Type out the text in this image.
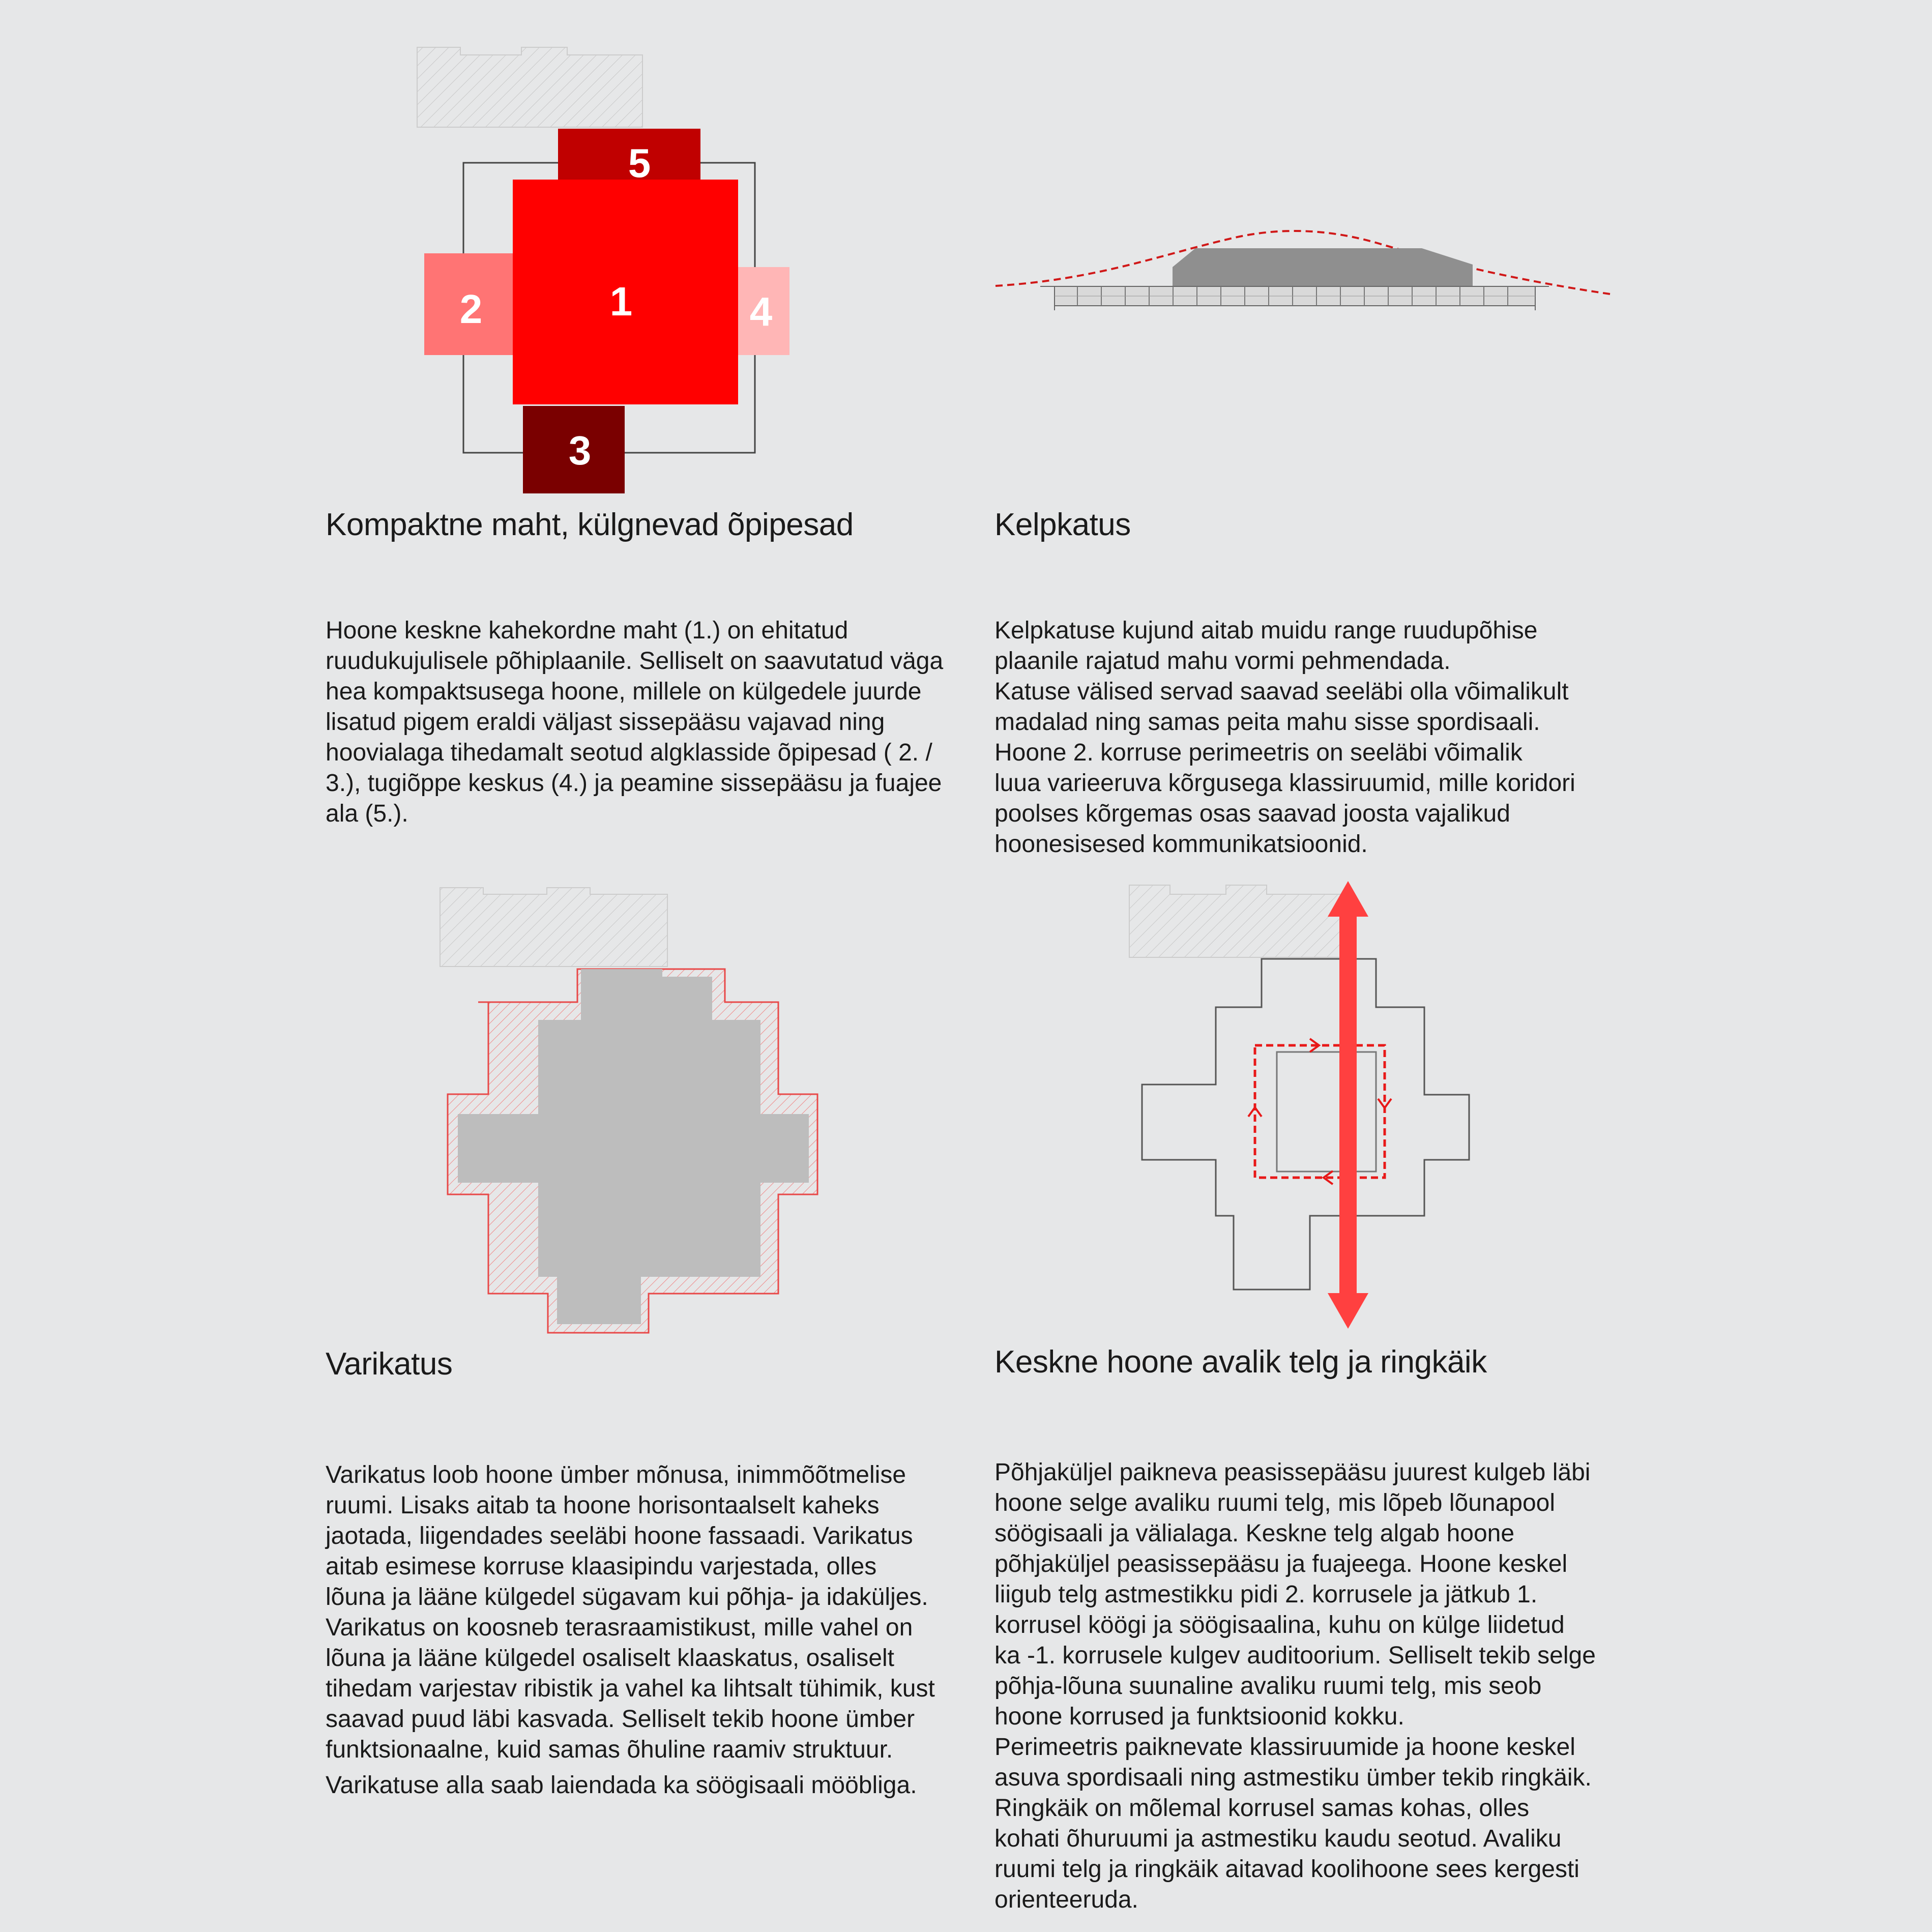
1
2
3
4
5
Kompaktne maht, külgnevad õpipesad
Hoone keskne kahekordne maht (1.) on ehitatud
ruudukujulisele põhiplaanile. Selliselt on saavutatud väga
hea kompaktsusega hoone, millele on külgedele juurde
lisatud pigem eraldi väljast sissepääsu vajavad ning
hoovialaga tihedamalt seotud algklasside õpipesad ( 2. /
3.), tugiõppe keskus (4.) ja peamine sissepääsu ja fuajee
ala (5.).
Kelpkatus
Kelpkatuse kujund aitab muidu range ruudupõhise
plaanile rajatud mahu vormi pehmendada.
Katuse välised servad saavad seeläbi olla võimalikult
madalad ning samas peita mahu sisse spordisaali.
Hoone 2. korruse perimeetris on seeläbi võimalik
luua varieeruva kõrgusega klassiruumid, mille koridori
poolses kõrgemas osas saavad joosta vajalikud
hoonesisesed kommunikatsioonid.
Varikatus
Varikatus loob hoone ümber mõnusa, inimmõõtmelise
ruumi. Lisaks aitab ta hoone horisontaalselt kaheks
jaotada, liigendades seeläbi hoone fassaadi. Varikatus
aitab esimese korruse klaasipindu varjestada, olles
lõuna ja lääne külgedel sügavam kui põhja- ja idaküljes.
Varikatus on koosneb terasraamistikust, mille vahel on
lõuna ja lääne külgedel osaliselt klaaskatus, osaliselt
tihedam varjestav ribistik ja vahel ka lihtsalt tühimik, kust
saavad puud läbi kasvada. Selliselt tekib hoone ümber
funktsionaalne, kuid samas õhuline raamiv struktuur.
Varikatuse alla saab laiendada ka söögisaali mööbliga.
Keskne hoone avalik telg ja ringkäik
Põhjaküljel paikneva peasissepääsu juurest kulgeb läbi
hoone selge avaliku ruumi telg, mis lõpeb lõunapool
söögisaali ja välialaga. Keskne telg algab hoone
põhjaküljel peasissepääsu ja fuajeega. Hoone keskel
liigub telg astmestikku pidi 2. korrusele ja jätkub 1.
korrusel köögi ja söögisaalina, kuhu on külge liidetud
ka -1. korrusele kulgev auditoorium. Selliselt tekib selge
põhja-lõuna suunaline avaliku ruumi telg, mis seob
hoone korrused ja funktsioonid kokku.
Perimeetris paiknevate klassiruumide ja hoone keskel
asuva spordisaali ning astmestiku ümber tekib ringkäik.
Ringkäik on mõlemal korrusel samas kohas, olles
kohati õhuruumi ja astmestiku kaudu seotud. Avaliku
ruumi telg ja ringkäik aitavad koolihoone sees kergesti
orienteeruda.
